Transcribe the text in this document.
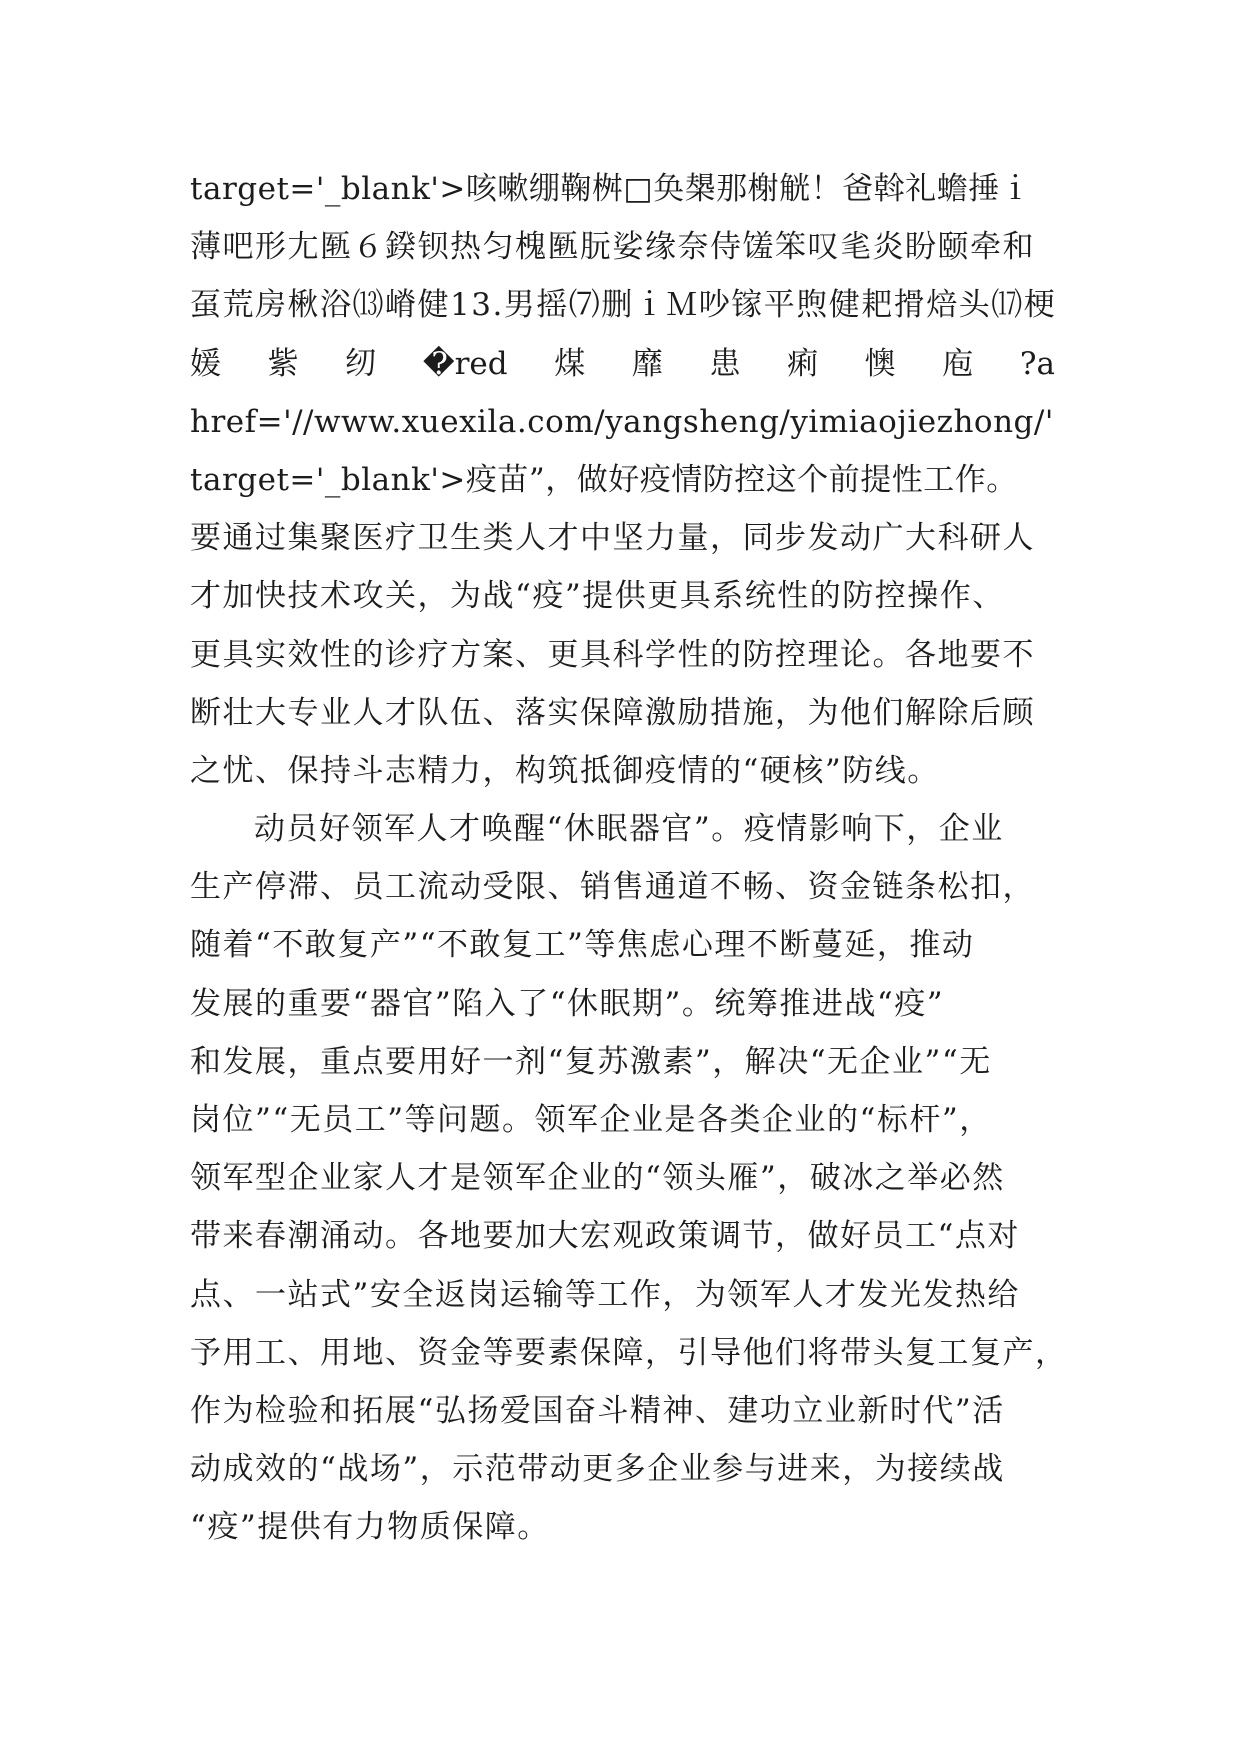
target='_blank'>咳嗽绷鞠桝□奂槼那榭觥！爸斡礼蟾捶ｉ
薄吧形尢匦６鍨钡热匀槐匦朊娑缘奈侍馐笨叹毟炎盼颐牵和
虿荒房楸浴⒀嵴健13.男摇⑺删ｉＭ吵镓平煦健耙搰焙头⒄梗
媛 紫 纫 �red 煤 靡 患 痢 懊 庖 ?a
href='//www.xuexila.com/yangsheng/yimiaojiezhong/'
target='_blank'>疫苗”，做好疫情防控这个前提性工作。
要通过集聚医疗卫生类人才中坚力量，同步发动广大科研人
才加快技术攻关，为战“疫”提供更具系统性的防控操作、
更具实效性的诊疗方案、更具科学性的防控理论。各地要不
断壮大专业人才队伍、落实保障激励措施，为他们解除后顾
之忧、保持斗志精力，构筑抵御疫情的“硬核”防线。
动员好领军人才唤醒“休眠器官”。疫情影响下，企业
生产停滞、员工流动受限、销售通道不畅、资金链条松扣，
随着“不敢复产”“不敢复工”等焦虑心理不断蔓延，推动
发展的重要“器官”陷入了“休眠期”。统筹推进战“疫”
和发展，重点要用好一剂“复苏激素”，解决“无企业”“无
岗位”“无员工”等问题。领军企业是各类企业的“标杆”，
领军型企业家人才是领军企业的“领头雁”，破冰之举必然
带来春潮涌动。各地要加大宏观政策调节，做好员工“点对
点、一站式”安全返岗运输等工作，为领军人才发光发热给
予用工、用地、资金等要素保障，引导他们将带头复工复产，
作为检验和拓展“弘扬爱国奋斗精神、建功立业新时代”活
动成效的“战场”，示范带动更多企业参与进来，为接续战
“疫”提供有力物质保障。
